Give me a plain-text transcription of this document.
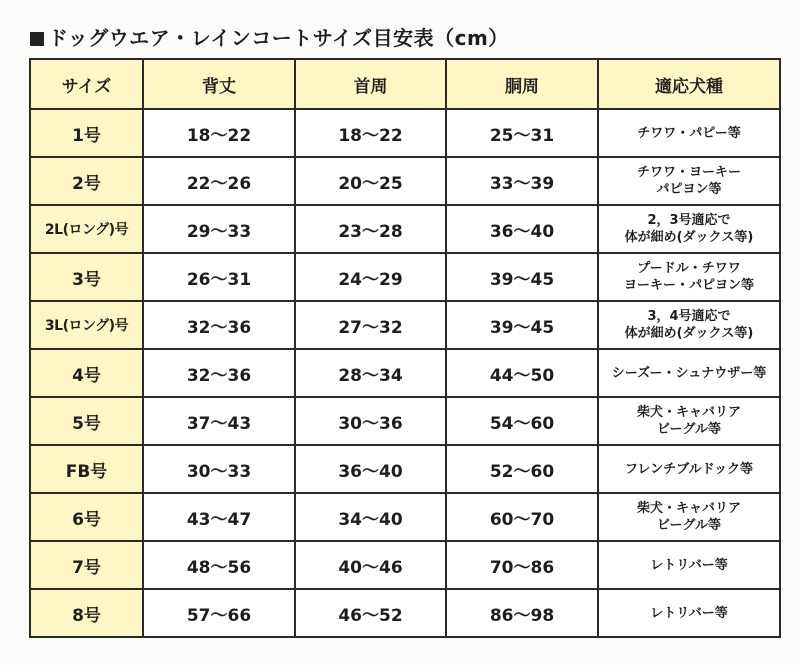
ドッグウエア・レインコートサイズ目安表（cm）
サイズ	背丈	首周	胴周	適応犬種
1号	18～22	18～22	25～31	チワワ・パピー等
2号	22～26	20～25	33～39	チワワ・ヨーキー
パピヨン等
2L(ロング)号	29～33	23～28	36～40	2，3号適応で
体が細め(ダックス等)
3号	26～31	24～29	39～45	プードル・チワワ
ヨーキー・パピヨン等
3L(ロング)号	32～36	27～32	39～45	3，4号適応で
体が細め(ダックス等)
4号	32～36	28～34	44～50	シーズー・シュナウザー等
5号	37～43	30～36	54～60	柴犬・キャバリア
ビーグル等
FB号	30～33	36～40	52～60	フレンチブルドック等
6号	43～47	34～40	60～70	柴犬・キャバリア
ビーグル等
7号	48～56	40～46	70～86	レトリバー等
8号	57～66	46～52	86～98	レトリバー等
